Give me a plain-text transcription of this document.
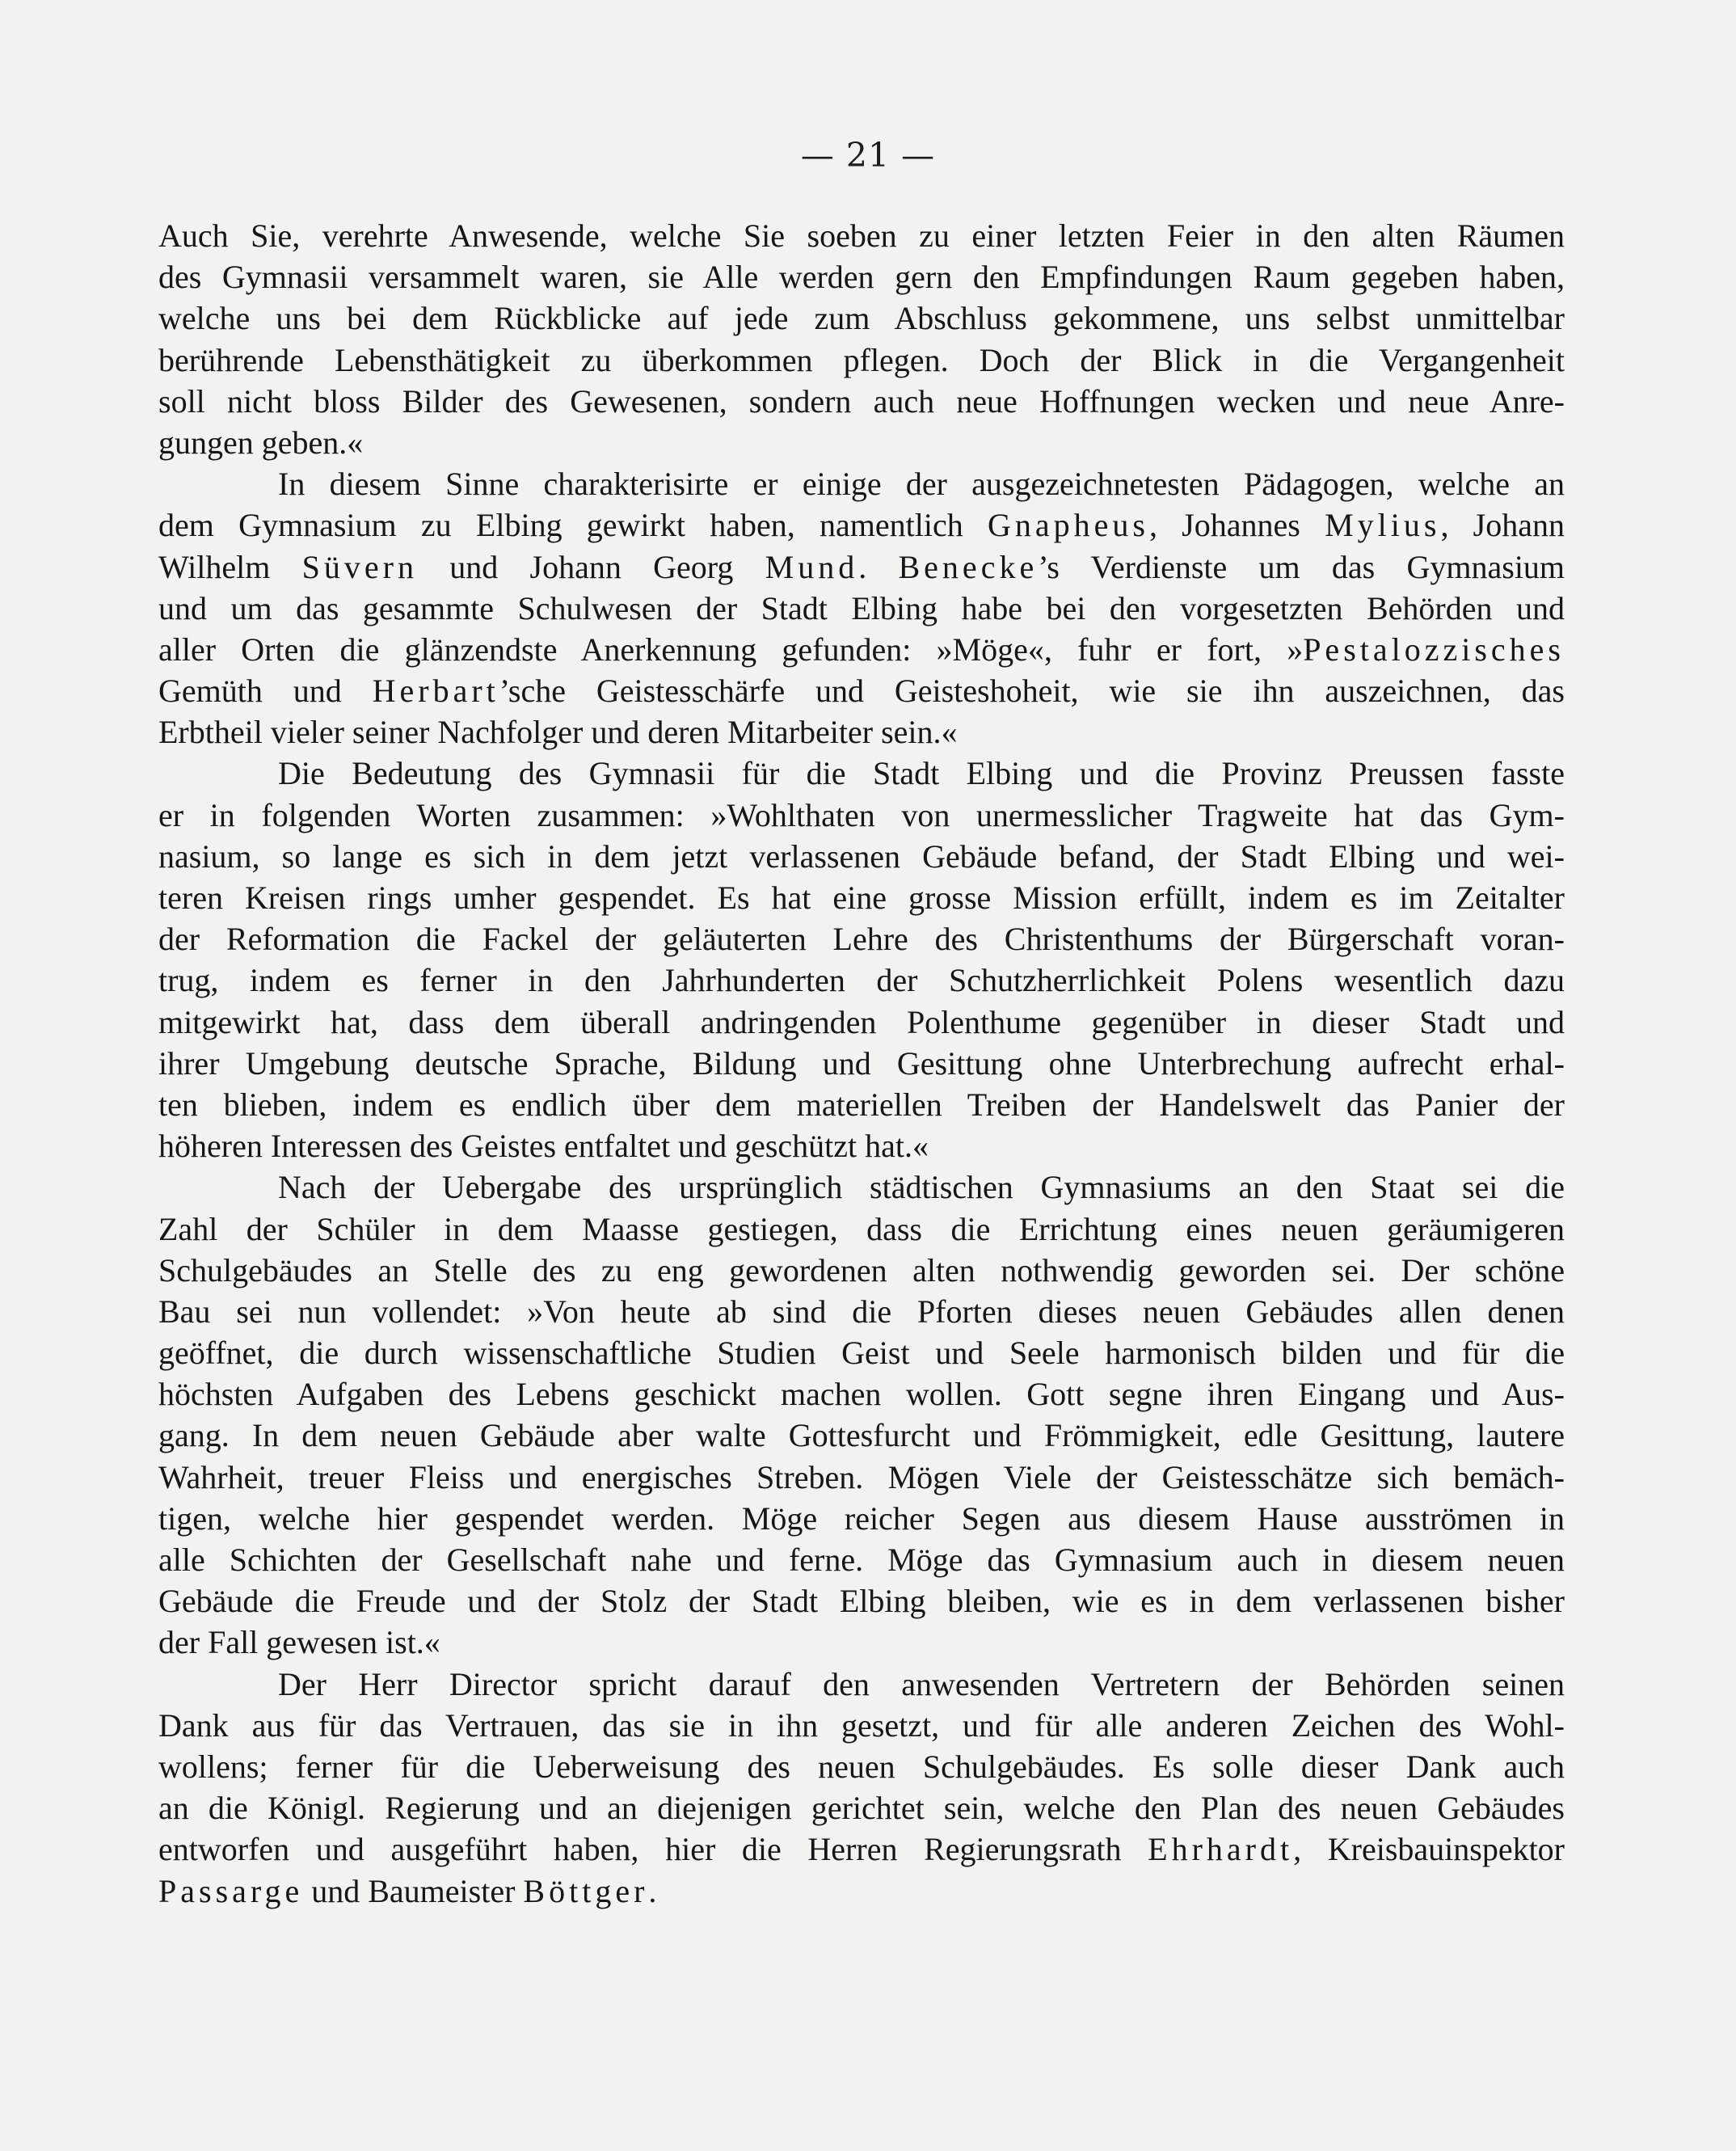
— 21 —
Auch Sie, verehrte Anwesende, welche Sie soeben zu einer letzten Feier in den alten Räumen
des Gymnasii versammelt waren, sie Alle werden gern den Empfindungen Raum gegeben haben,
welche uns bei dem Rückblicke auf jede zum Abschluss gekommene, uns selbst unmittelbar
berührende Lebensthätigkeit zu überkommen pflegen. Doch der Blick in die Vergangenheit
soll nicht bloss Bilder des Gewesenen, sondern auch neue Hoffnungen wecken und neue Anre-
gungen geben.«
In diesem Sinne charakterisirte er einige der ausgezeichnetesten Pädagogen, welche an
dem Gymnasium zu Elbing gewirkt haben, namentlich Gnapheus, Johannes Mylius, Johann
Wilhelm Süvern und Johann Georg Mund. Benecke’s Verdienste um das Gymnasium
und um das gesammte Schulwesen der Stadt Elbing habe bei den vorgesetzten Behörden und
aller Orten die glänzendste Anerkennung gefunden: »Möge«, fuhr er fort, »Pestalozzisches
Gemüth und Herbart’sche Geistesschärfe und Geisteshoheit, wie sie ihn auszeichnen, das
Erbtheil vieler seiner Nachfolger und deren Mitarbeiter sein.«
Die Bedeutung des Gymnasii für die Stadt Elbing und die Provinz Preussen fasste
er in folgenden Worten zusammen: »Wohlthaten von unermesslicher Tragweite hat das Gym-
nasium, so lange es sich in dem jetzt verlassenen Gebäude befand, der Stadt Elbing und wei-
teren Kreisen rings umher gespendet. Es hat eine grosse Mission erfüllt, indem es im Zeitalter
der Reformation die Fackel der geläuterten Lehre des Christenthums der Bürgerschaft voran-
trug, indem es ferner in den Jahrhunderten der Schutzherrlichkeit Polens wesentlich dazu
mitgewirkt hat, dass dem überall andringenden Polenthume gegenüber in dieser Stadt und
ihrer Umgebung deutsche Sprache, Bildung und Gesittung ohne Unterbrechung aufrecht erhal-
ten blieben, indem es endlich über dem materiellen Treiben der Handelswelt das Panier der
höheren Interessen des Geistes entfaltet und geschützt hat.«
Nach der Uebergabe des ursprünglich städtischen Gymnasiums an den Staat sei die
Zahl der Schüler in dem Maasse gestiegen, dass die Errichtung eines neuen geräumigeren
Schulgebäudes an Stelle des zu eng gewordenen alten nothwendig geworden sei. Der schöne
Bau sei nun vollendet: »Von heute ab sind die Pforten dieses neuen Gebäudes allen denen
geöffnet, die durch wissenschaftliche Studien Geist und Seele harmonisch bilden und für die
höchsten Aufgaben des Lebens geschickt machen wollen. Gott segne ihren Eingang und Aus-
gang. In dem neuen Gebäude aber walte Gottesfurcht und Frömmigkeit, edle Gesittung, lautere
Wahrheit, treuer Fleiss und energisches Streben. Mögen Viele der Geistesschätze sich bemäch-
tigen, welche hier gespendet werden. Möge reicher Segen aus diesem Hause ausströmen in
alle Schichten der Gesellschaft nahe und ferne. Möge das Gymnasium auch in diesem neuen
Gebäude die Freude und der Stolz der Stadt Elbing bleiben, wie es in dem verlassenen bisher
der Fall gewesen ist.«
Der Herr Director spricht darauf den anwesenden Vertretern der Behörden seinen
Dank aus für das Vertrauen, das sie in ihn gesetzt, und für alle anderen Zeichen des Wohl-
wollens; ferner für die Ueberweisung des neuen Schulgebäudes. Es solle dieser Dank auch
an die Königl. Regierung und an diejenigen gerichtet sein, welche den Plan des neuen Gebäudes
entworfen und ausgeführt haben, hier die Herren Regierungsrath Ehrhardt, Kreisbauinspektor
Passarge und Baumeister Böttger.
